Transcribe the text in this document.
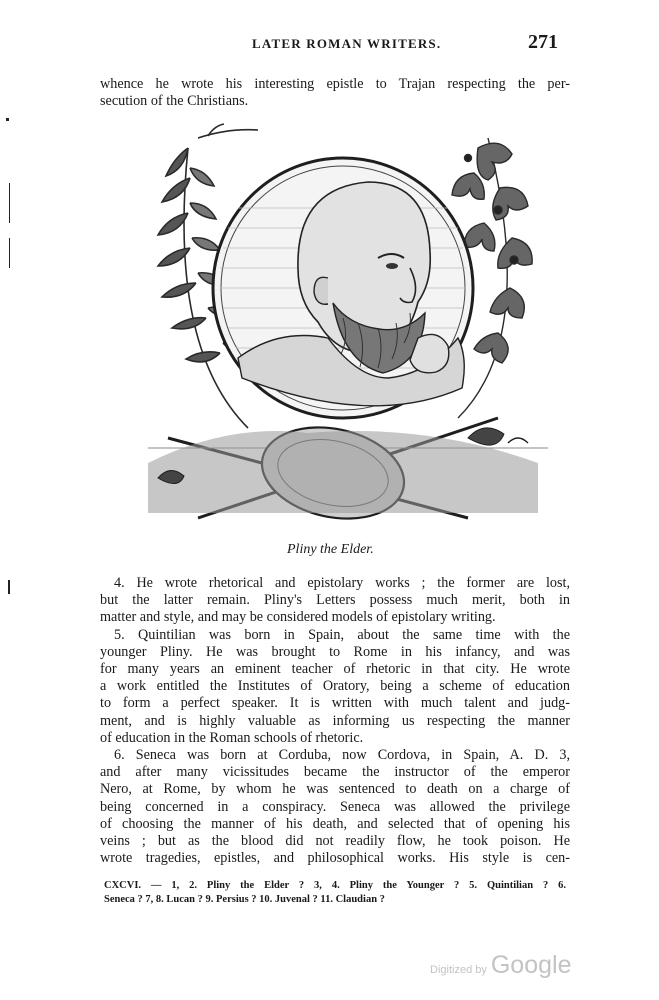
LATER ROMAN WRITERS.	271
whence he wrote his interesting epistle to Trajan respecting the per-
secution of the Christians.
Pliny the Elder.
4. He wrote rhetorical and epistolary works ; the former are lost,
but the latter remain. Pliny's Letters possess much merit, both in
matter and style, and may be considered models of epistolary writing.
5. Quintilian was born in Spain, about the same time with the
younger Pliny. He was brought to Rome in his infancy, and was
for many years an eminent teacher of rhetoric in that city. He wrote
a work entitled the Institutes of Oratory, being a scheme of education
to form a perfect speaker. It is written with much talent and judg-
ment, and is highly valuable as informing us respecting the manner
of education in the Roman schools of rhetoric.
6. Seneca was born at Corduba, now Cordova, in Spain, A. D. 3,
and after many vicissitudes became the instructor of the emperor
Nero, at Rome, by whom he was sentenced to death on a charge of
being concerned in a conspiracy. Seneca was allowed the privilege
of choosing the manner of his death, and selected that of opening his
veins ; but as the blood did not readily flow, he took poison. He
wrote tragedies, epistles, and philosophical works. His style is cen-
CXCVI. — 1, 2. Pliny the Elder ? 3, 4. Pliny the Younger ? 5. Quintilian ? 6.
Seneca ? 7, 8. Lucan ? 9. Persius ? 10. Juvenal ? 11. Claudian ?
Digitized by Google
